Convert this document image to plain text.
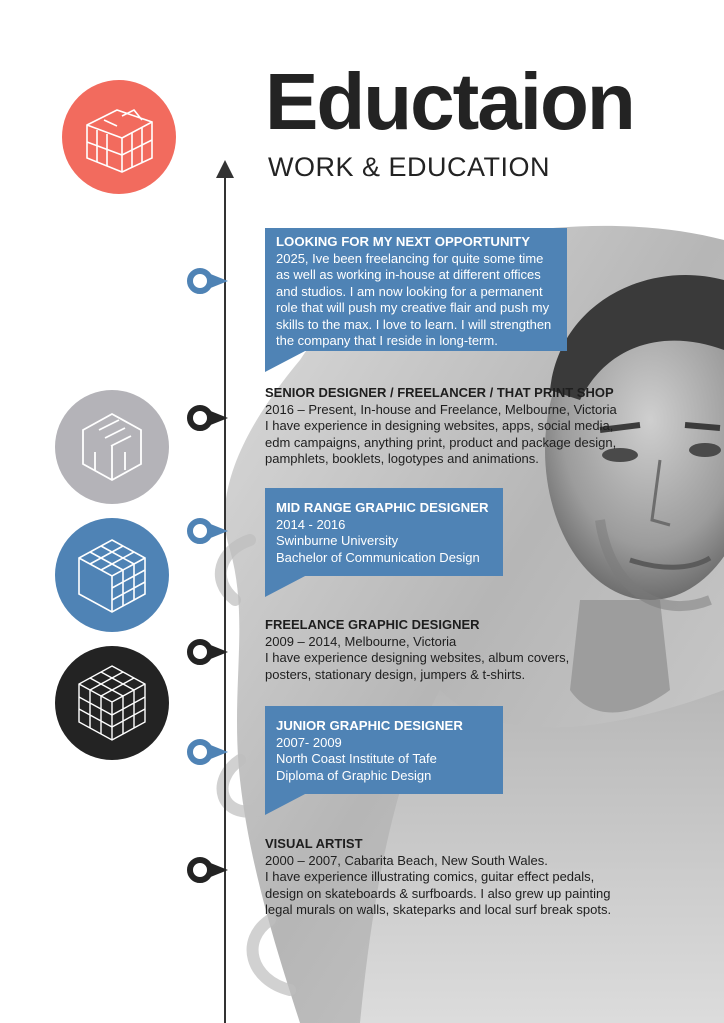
Eductaion
WORK & EDUCATION
LOOKING FOR MY NEXT OPPORTUNITY
2025, Ive been freelancing for quite some time
as well as working in-house at different offices
and studios. I am now looking for a permanent
role that will push my creative flair and push my
skills to the max. I love to learn. I will strengthen
the company that I reside in long-term.
SENIOR DESIGNER / FREELANCER / THAT PRINT SHOP
2016 – Present, In-house and Freelance, Melbourne, Victoria
I have experience in designing websites, apps, social media,
edm campaigns, anything print, product and package design,
pamphlets, booklets, logotypes and animations.
MID RANGE GRAPHIC DESIGNER
2014 - 2016
Swinburne University
Bachelor of Communication Design
FREELANCE GRAPHIC DESIGNER
2009 – 2014, Melbourne, Victoria
I have experience designing websites, album covers,
posters, stationary design, jumpers & t-shirts.
JUNIOR GRAPHIC DESIGNER
2007- 2009
North Coast Institute of Tafe
Diploma of Graphic Design
VISUAL ARTIST
2000 – 2007, Cabarita Beach, New South Wales.
I have experience illustrating comics, guitar effect pedals,
design on skateboards & surfboards. I also grew up painting
legal murals on walls, skateparks and local surf break spots.
